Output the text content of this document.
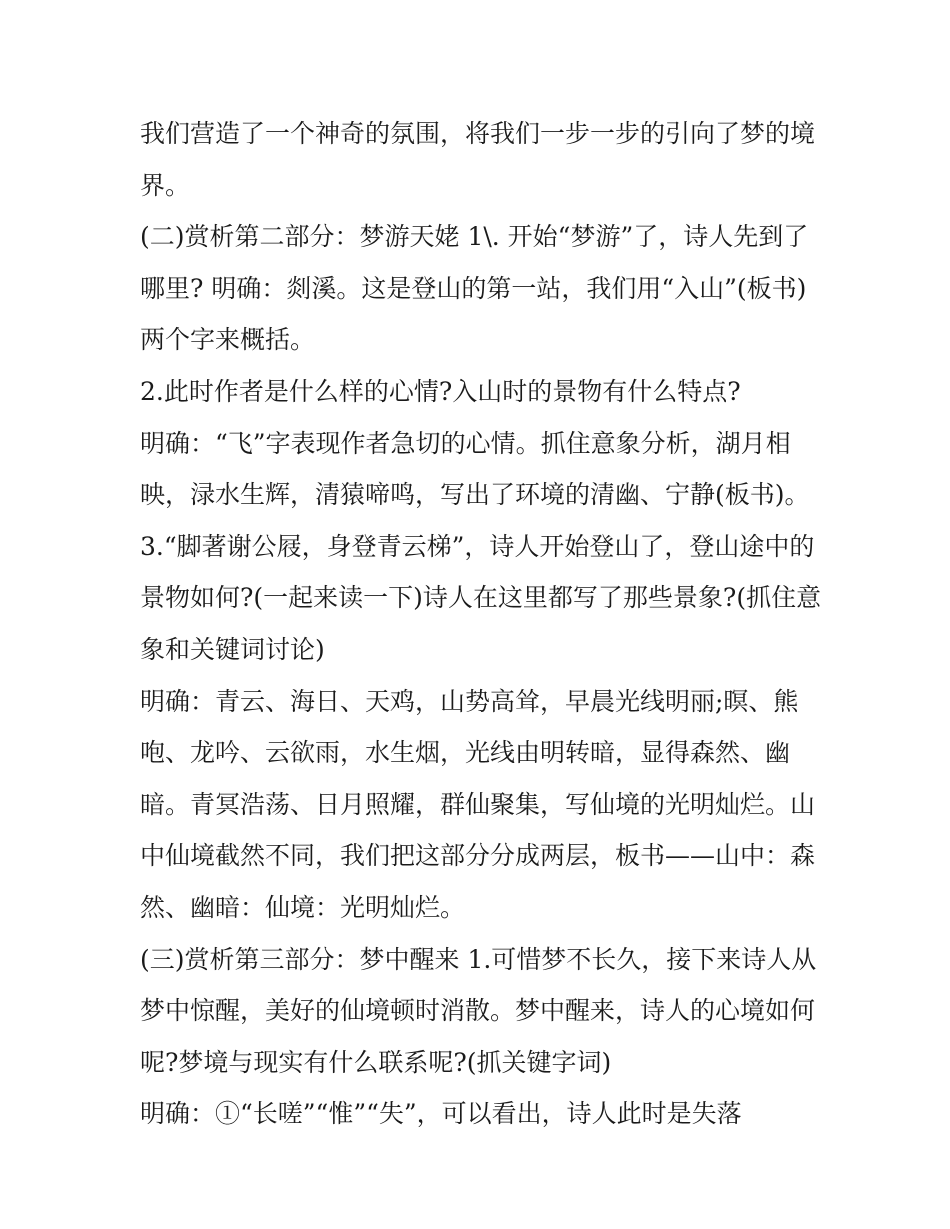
我们营造了一个神奇的氛围，将我们一步一步的引向了梦的境
界。
(二)赏析第二部分：梦游天姥 1\. 开始“梦游”了，诗人先到了
哪里? 明确：剡溪。这是登山的第一站，我们用“入山”(板书)
两个字来概括。
2.此时作者是什么样的心情?入山时的景物有什么特点?
明确：“飞”字表现作者急切的心情。抓住意象分析，湖月相
映，渌水生辉，清猿啼鸣，写出了环境的清幽、宁静(板书)。
3.“脚著谢公屐，身登青云梯”，诗人开始登山了，登山途中的
景物如何?(一起来读一下)诗人在这里都写了那些景象?(抓住意
象和关键词讨论)
明确：青云、海日、天鸡，山势高耸，早晨光线明丽;暝、熊
咆、龙吟、云欲雨，水生烟，光线由明转暗，显得森然、幽
暗。青冥浩荡、日月照耀，群仙聚集，写仙境的光明灿烂。山
中仙境截然不同，我们把这部分分成两层，板书——山中：森
然、幽暗：仙境：光明灿烂。
(三)赏析第三部分：梦中醒来 1.可惜梦不长久，接下来诗人从
梦中惊醒，美好的仙境顿时消散。梦中醒来，诗人的心境如何
呢?梦境与现实有什么联系呢?(抓关键字词)
明确：①“长嗟”“惟”“失”，可以看出，诗人此时是失落
